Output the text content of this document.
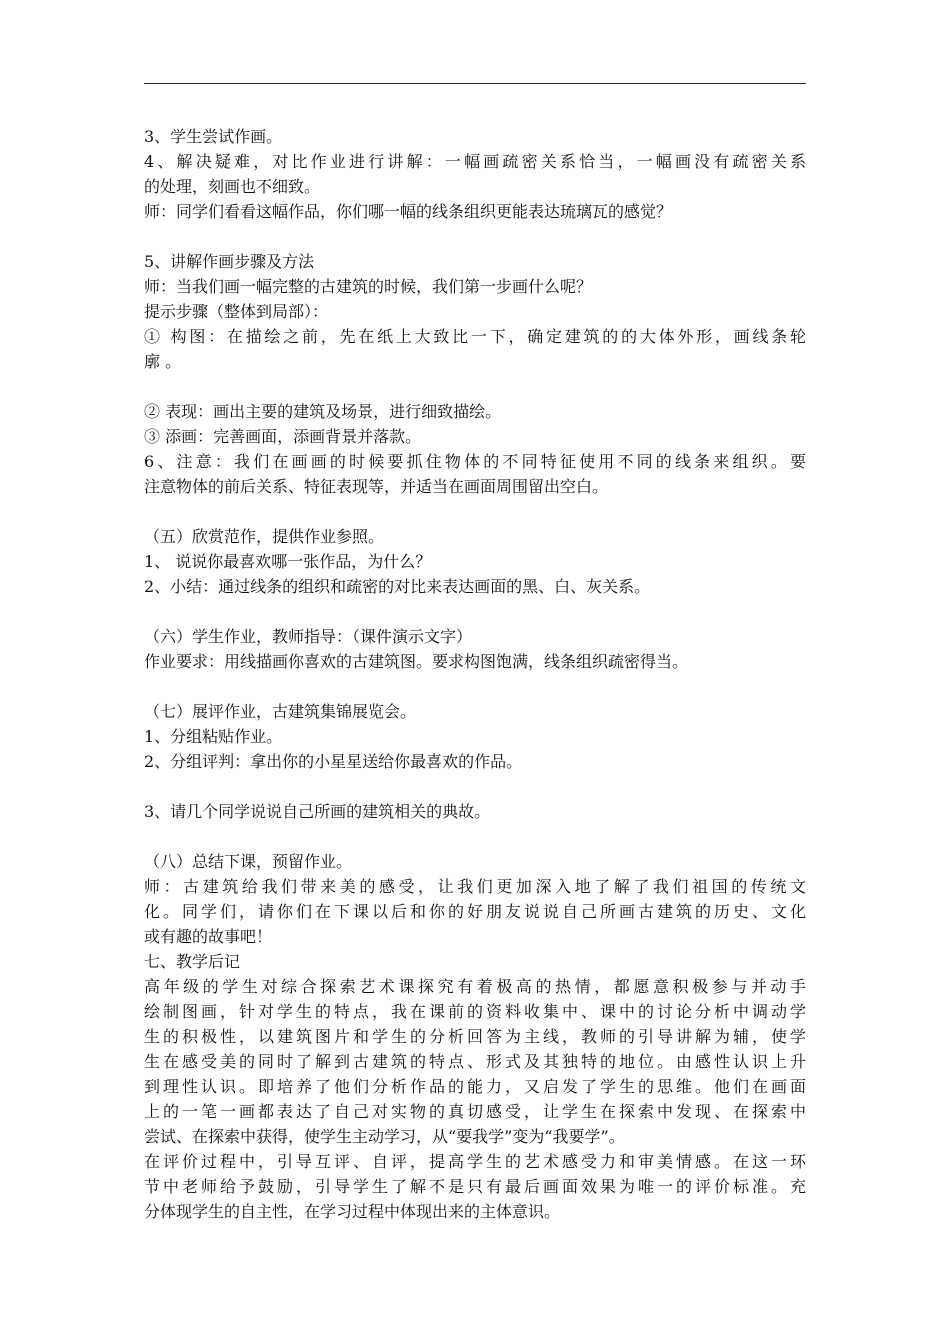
3、学生尝试作画。
4、解决疑难，对比作业进行讲解：一幅画疏密关系恰当，一幅画没有疏密关系
的处理，刻画也不细致。
师：同学们看看这幅作品，你们哪一幅的线条组织更能表达琉璃瓦的感觉？
5、讲解作画步骤及方法
师：当我们画一幅完整的古建筑的时候，我们第一步画什么呢？
提示步骤（整体到局部）：
① 构图：在描绘之前，先在纸上大致比一下，确定建筑的的大体外形，画线条轮
廓 。
② 表现：画出主要的建筑及场景，进行细致描绘。
③ 添画：完善画面，添画背景并落款。
6、注意：我们在画画的时候要抓住物体的不同特征使用不同的线条来组织。要
注意物体的前后关系、特征表现等，并适当在画面周围留出空白。
（五）欣赏范作，提供作业参照。
1、 说说你最喜欢哪一张作品，为什么？
2、小结：通过线条的组织和疏密的对比来表达画面的黑、白、灰关系。
（六）学生作业，教师指导：（课件演示文字）
作业要求：用线描画你喜欢的古建筑图。要求构图饱满，线条组织疏密得当。
（七）展评作业，古建筑集锦展览会。
1、分组粘贴作业。
2、分组评判：拿出你的小星星送给你最喜欢的作品。
3、请几个同学说说自己所画的建筑相关的典故。
（八）总结下课，预留作业。
师：古建筑给我们带来美的感受，让我们更加深入地了解了我们祖国的传统文
化。同学们，请你们在下课以后和你的好朋友说说自己所画古建筑的历史、文化
或有趣的故事吧！
七、教学后记
高年级的学生对综合探索艺术课探究有着极高的热情，都愿意积极参与并动手
绘制图画，针对学生的特点，我在课前的资料收集中、课中的讨论分析中调动学
生的积极性，以建筑图片和学生的分析回答为主线，教师的引导讲解为辅，使学
生在感受美的同时了解到古建筑的特点、形式及其独特的地位。由感性认识上升
到理性认识。即培养了他们分析作品的能力，又启发了学生的思维。他们在画面
上的一笔一画都表达了自己对实物的真切感受，让学生在探索中发现、在探索中
尝试、在探索中获得，使学生主动学习，从“要我学”变为“我要学”。
在评价过程中，引导互评、自评，提高学生的艺术感受力和审美情感。在这一环
节中老师给予鼓励，引导学生了解不是只有最后画面效果为唯一的评价标准。充
分体现学生的自主性，在学习过程中体现出来的主体意识。
